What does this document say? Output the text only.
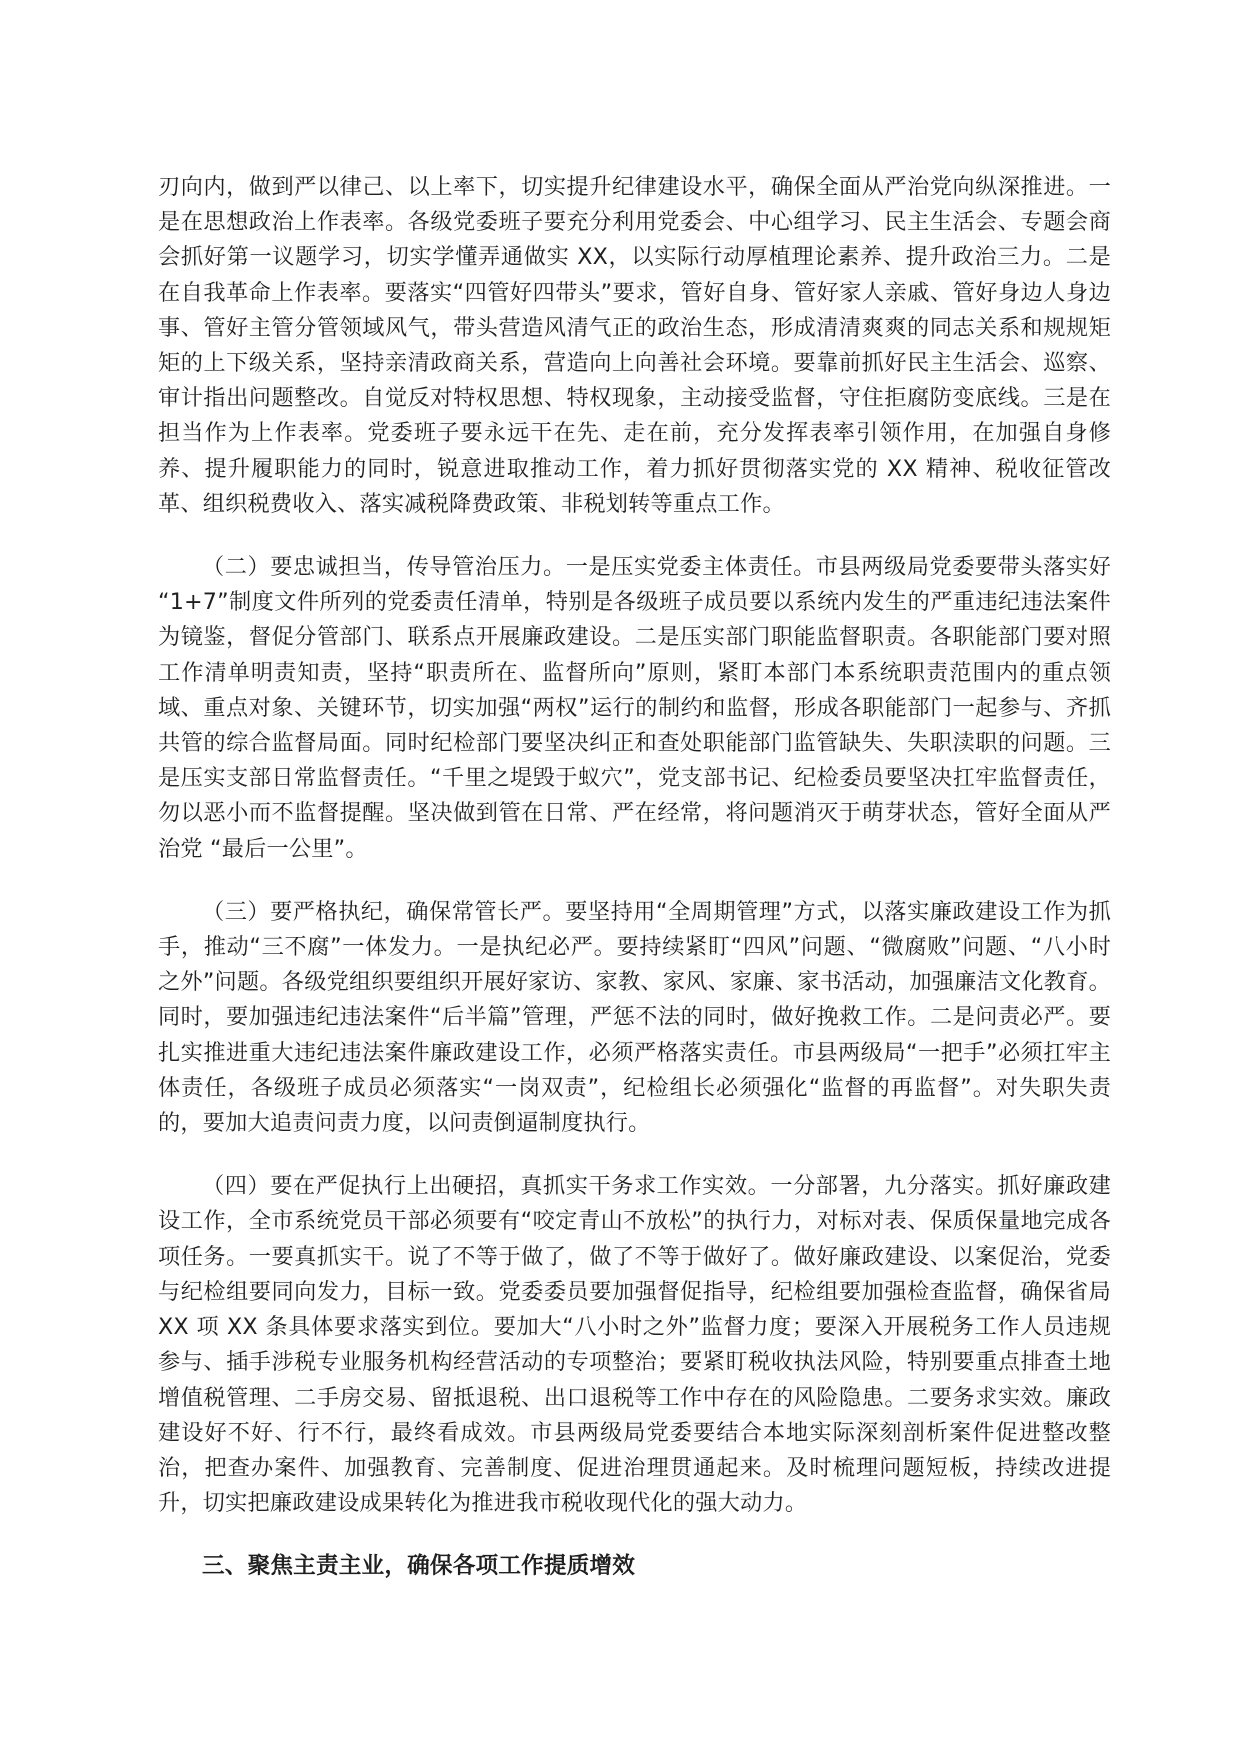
刃向内，做到严以律己、以上率下，切实提升纪律建设水平，确保全面从严治党向纵深推进。一是在思想政治上作表率。各级党委班子要充分利用党委会、中心组学习、民主生活会、专题会商会抓好第一议题学习，切实学懂弄通做实 XX，以实际行动厚植理论素养、提升政治三力。二是在自我革命上作表率。要落实“四管好四带头”要求，管好自身、管好家人亲戚、管好身边人身边事、管好主管分管领域风气，带头营造风清气正的政治生态，形成清清爽爽的同志关系和规规矩矩的上下级关系，坚持亲清政商关系，营造向上向善社会环境。要靠前抓好民主生活会、巡察、审计指出问题整改。自觉反对特权思想、特权现象，主动接受监督，守住拒腐防变底线。三是在担当作为上作表率。党委班子要永远干在先、走在前，充分发挥表率引领作用，在加强自身修养、提升履职能力的同时，锐意进取推动工作，着力抓好贯彻落实党的 XX 精神、税收征管改革、组织税费收入、落实减税降费政策、非税划转等重点工作。

（二）要忠诚担当，传导管治压力。一是压实党委主体责任。市县两级局党委要带头落实好 “1+7”制度文件所列的党委责任清单，特别是各级班子成员要以系统内发生的严重违纪违法案件为镜鉴，督促分管部门、联系点开展廉政建设。二是压实部门职能监督职责。各职能部门要对照工作清单明责知责，坚持“职责所在、监督所向”原则，紧盯本部门本系统职责范围内的重点领域、重点对象、关键环节，切实加强“两权”运行的制约和监督，形成各职能部门一起参与、齐抓共管的综合监督局面。同时纪检部门要坚决纠正和查处职能部门监管缺失、失职渎职的问题。三是压实支部日常监督责任。“千里之堤毁于蚁穴”，党支部书记、纪检委员要坚决扛牢监督责任，勿以恶小而不监督提醒。坚决做到管在日常、严在经常，将问题消灭于萌芽状态，管好全面从严治党 “最后一公里”。

（三）要严格执纪，确保常管长严。要坚持用“全周期管理”方式，以落实廉政建设工作为抓手，推动“三不腐”一体发力。一是执纪必严。要持续紧盯“四风”问题、“微腐败”问题、“八小时之外”问题。各级党组织要组织开展好家访、家教、家风、家廉、家书活动，加强廉洁文化教育。同时，要加强违纪违法案件“后半篇”管理，严惩不法的同时，做好挽救工作。二是问责必严。要扎实推进重大违纪违法案件廉政建设工作，必须严格落实责任。市县两级局“一把手”必须扛牢主体责任，各级班子成员必须落实“一岗双责”，纪检组长必须强化“监督的再监督”。对失职失责的，要加大追责问责力度，以问责倒逼制度执行。

（四）要在严促执行上出硬招，真抓实干务求工作实效。一分部署，九分落实。抓好廉政建设工作，全市系统党员干部必须要有“咬定青山不放松”的执行力，对标对表、保质保量地完成各项任务。一要真抓实干。说了不等于做了，做了不等于做好了。做好廉政建设、以案促治，党委与纪检组要同向发力，目标一致。党委委员要加强督促指导，纪检组要加强检查监督，确保省局 XX 项 XX 条具体要求落实到位。要加大“八小时之外”监督力度；要深入开展税务工作人员违规参与、插手涉税专业服务机构经营活动的专项整治；要紧盯税收执法风险，特别要重点排查土地增值税管理、二手房交易、留抵退税、出口退税等工作中存在的风险隐患。二要务求实效。廉政建设好不好、行不行，最终看成效。市县两级局党委要结合本地实际深刻剖析案件促进整改整治，把查办案件、加强教育、完善制度、促进治理贯通起来。及时梳理问题短板，持续改进提升，切实把廉政建设成果转化为推进我市税收现代化的强大动力。

三、聚焦主责主业，确保各项工作提质增效
